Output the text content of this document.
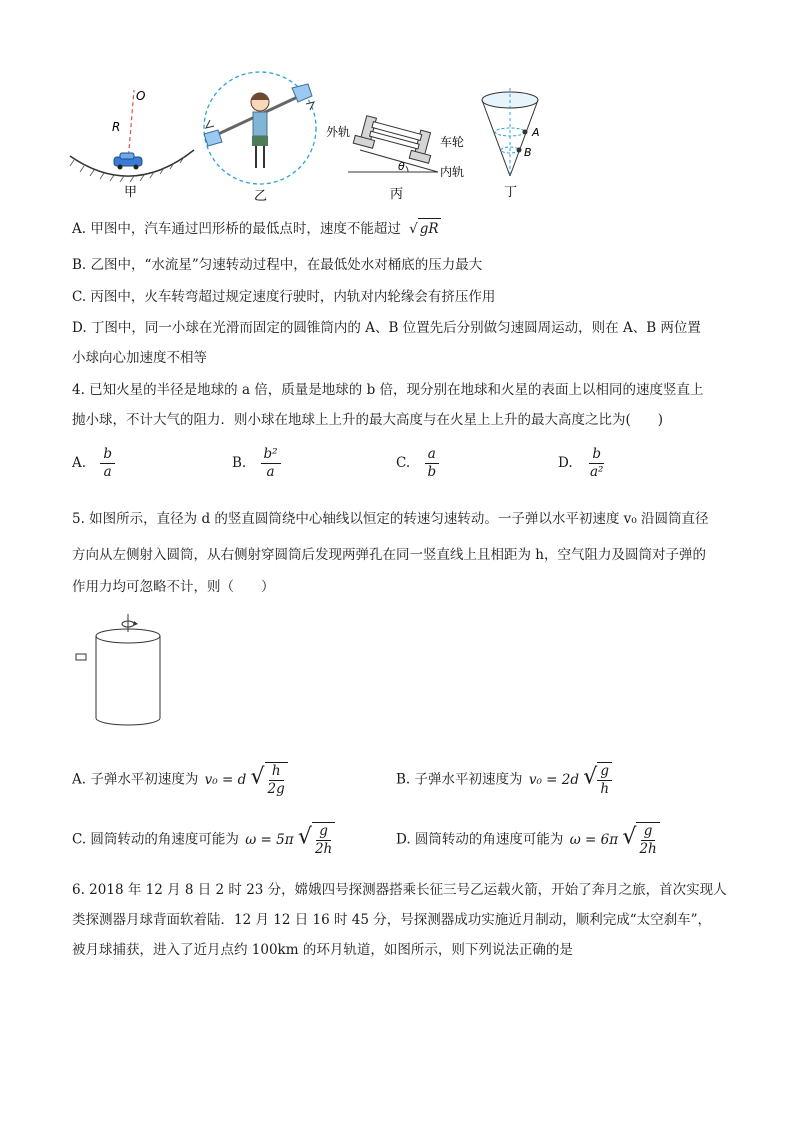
O
R
甲	乙
外轨
车轮
内轨
θ
丙
A
B
丁
A. 甲图中，汽车通过凹形桥的最低点时，速度不能超过 √ gR
B. 乙图中，“水流星”匀速转动过程中，在最低处水对桶底的压力最大
C. 丙图中，火车转弯超过规定速度行驶时，内轨对内轮缘会有挤压作用
D. 丁图中，同一小球在光滑而固定的圆锥筒内的 A、B 位置先后分别做匀速圆周运动，则在 A、B 两位置
小球向心加速度不相等
4. 已知火星的半径是地球的 a 倍，质量是地球的 b 倍，现分别在地球和火星的表面上以相同的速度竖直上
抛小球，不计大气的阻力．则小球在地球上上升的最大高度与在火星上上升的最大高度之比为(　　)
A. $\frac{b}{a}$	B. $\frac{\text{b²}}{a}$	C. $\frac{a}{b}$	D. $\frac{b}{\text{a²}}$
5. 如图所示，直径为 d 的竖直圆筒绕中心轴线以恒定的转速匀速转动。一子弹以水平初速度 v₀ 沿圆筒直径
方向从左侧射入圆筒，从右侧射穿圆筒后发现两弹孔在同一竖直线上且相距为 h，空气阻力及圆筒对子弹的
作用力均可忽略不计，则（　　）
A. 子弹水平初速度为 v₀ = d √ $\frac{h}{2g}$	B. 子弹水平初速度为 v₀ = 2d √ $\frac{g}{h}$
C. 圆筒转动的角速度可能为 ω = 5π √ $\frac{g}{2h}$	D. 圆筒转动的角速度可能为 ω = 6π √ $\frac{g}{2h}$
6. 2018 年 12 月 8 日 2 时 23 分，嫦娥四号探测器搭乘长征三号乙运载火箭，开始了奔月之旅，首次实现人
类探测器月球背面软着陆．12 月 12 日 16 时 45 分，号探测器成功实施近月制动，顺利完成“太空刹车”，
被月球捕获，进入了近月点约 100km 的环月轨道，如图所示，则下列说法正确的是
